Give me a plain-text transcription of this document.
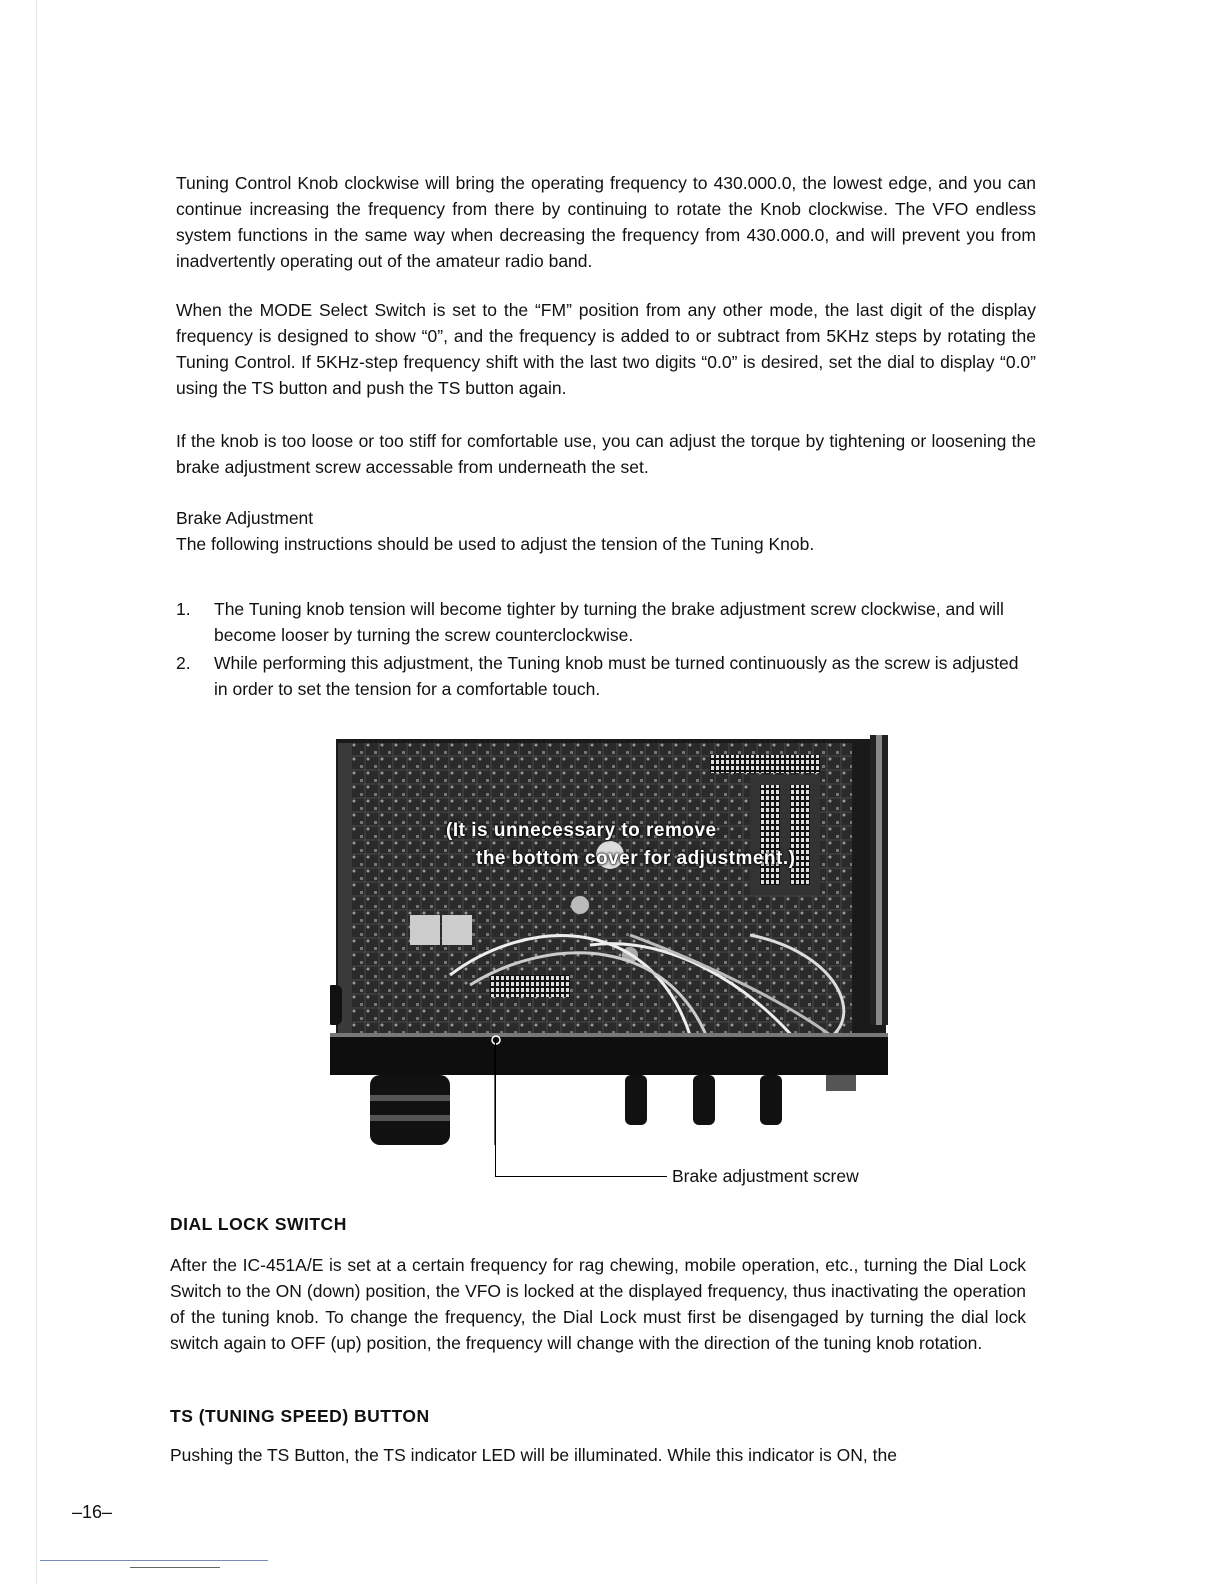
Tuning Control Knob clockwise will bring the operating frequency to 430.000.0, the lowest edge, and you can continue increasing the frequency from there by continuing to rotate the Knob clockwise. The VFO endless system functions in the same way when decreasing the frequency from 430.000.0, and will prevent you from inadvertently operating out of the amateur radio band.

When the MODE Select Switch is set to the “FM” position from any other mode, the last digit of the display frequency is designed to show “0”, and the frequency is added to or subtract from 5KHz steps by rotating the Tuning Control. If 5KHz-step frequency shift with the last two digits “0.0” is desired, set the dial to display “0.0” using the TS button and push the TS button again.

If the knob is too loose or too stiff for comfortable use, you can adjust the torque by tightening or loosening the brake adjustment screw accessable from underneath the set.

Brake Adjustment
The following instructions should be used to adjust the tension of the Tuning Knob.
1. The Tuning knob tension will become tighter by turning the brake adjustment screw clockwise, and will become looser by turning the screw counterclockwise.
2. While performing this adjustment, the Tuning knob must be turned continuously as the screw is adjusted in order to set the tension for a comfortable touch.
(It is unnecessary to remove
the bottom cover for adjustment.)
Brake adjustment screw
DIAL LOCK SWITCH

After the IC-451A/E is set at a certain frequency for rag chewing, mobile operation, etc., turning the Dial Lock Switch to the ON (down) position, the VFO is locked at the displayed frequency, thus inactivating the operation of the tuning knob. To change the frequency, the Dial Lock must first be disengaged by turning the dial lock switch again to OFF (up) position, the frequency will change with the direction of the tuning knob rotation.

TS (TUNING SPEED) BUTTON

Pushing the TS Button, the TS indicator LED will be illuminated. While this indicator is ON, the

–16–
